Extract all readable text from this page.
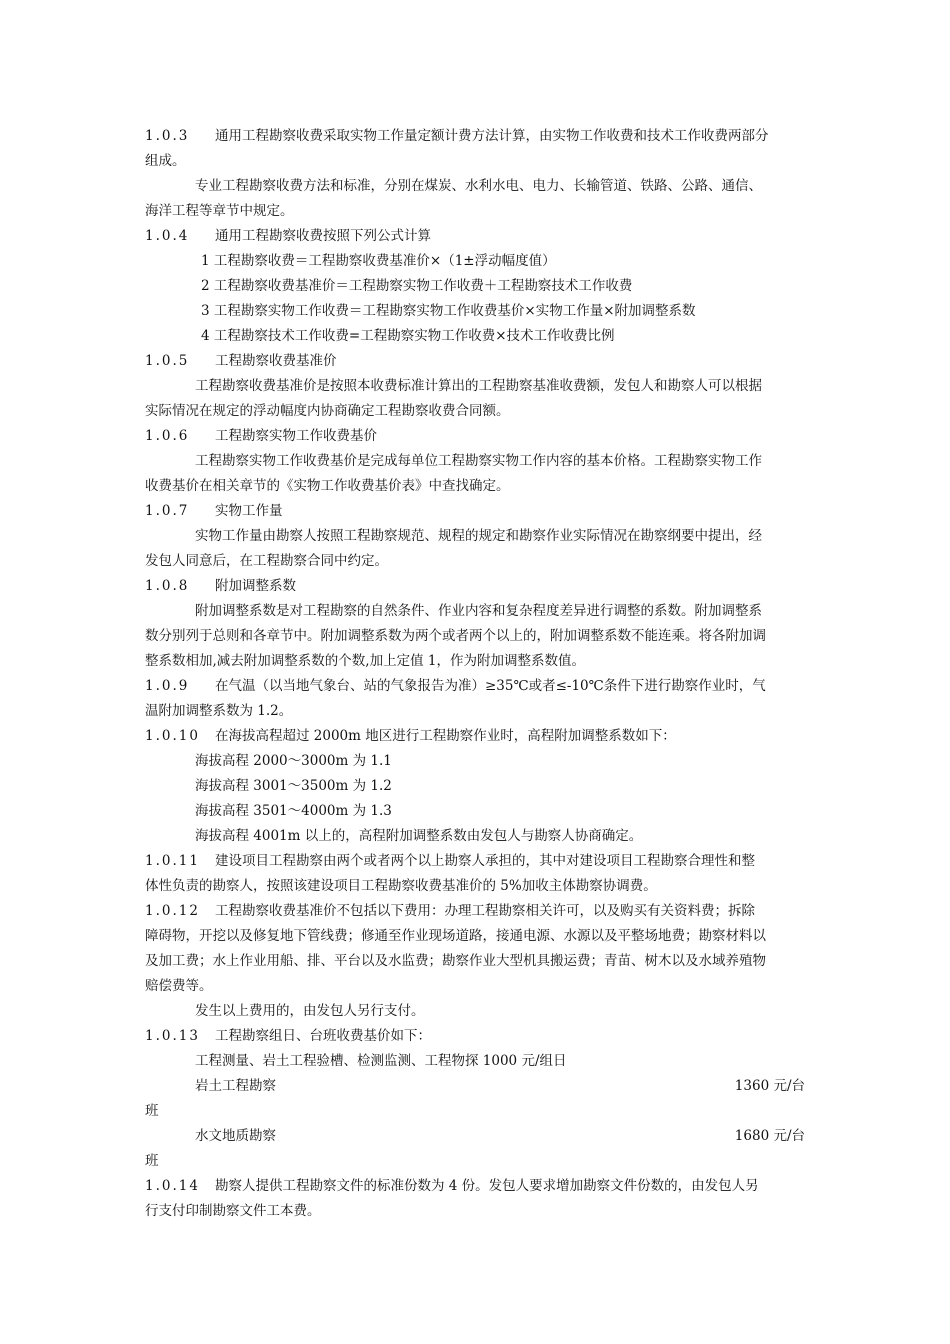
1.0.3 通用工程勘察收费采取实物工作量定额计费方法计算，由实物工作收费和技术工作收费两部分
组成。
专业工程勘察收费方法和标准，分别在煤炭、水利水电、电力、长输管道、铁路、公路、通信、
海洋工程等章节中规定。
1.0.4 通用工程勘察收费按照下列公式计算
1 工程勘察收费＝工程勘察收费基准价×（1±浮动幅度值）
2 工程勘察收费基准价＝工程勘察实物工作收费＋工程勘察技术工作收费
3 工程勘察实物工作收费＝工程勘察实物工作收费基价×实物工作量×附加调整系数
4 工程勘察技术工作收费=工程勘察实物工作收费×技术工作收费比例
1.0.5 工程勘察收费基准价
工程勘察收费基准价是按照本收费标准计算出的工程勘察基准收费额，发包人和勘察人可以根据
实际情况在规定的浮动幅度内协商确定工程勘察收费合同额。
1.0.6 工程勘察实物工作收费基价
工程勘察实物工作收费基价是完成每单位工程勘察实物工作内容的基本价格。工程勘察实物工作
收费基价在相关章节的《实物工作收费基价表》中查找确定。
1.0.7 实物工作量
实物工作量由勘察人按照工程勘察规范、规程的规定和勘察作业实际情况在勘察纲要中提出，经
发包人同意后，在工程勘察合同中约定。
1.0.8 附加调整系数
附加调整系数是对工程勘察的自然条件、作业内容和复杂程度差异进行调整的系数。附加调整系
数分别列于总则和各章节中。附加调整系数为两个或者两个以上的，附加调整系数不能连乘。将各附加调
整系数相加,减去附加调整系数的个数,加上定值 1，作为附加调整系数值。
1.0.9 在气温（以当地气象台、站的气象报告为准）≥35℃或者≤-10℃条件下进行勘察作业时，气
温附加调整系数为 1.2。
1.0.10 在海拔高程超过 2000m 地区进行工程勘察作业时，高程附加调整系数如下：
海拔高程 2000～3000m 为 1.1
海拔高程 3001～3500m 为 1.2
海拔高程 3501～4000m 为 1.3
海拔高程 4001m 以上的，高程附加调整系数由发包人与勘察人协商确定。
1.0.11 建设项目工程勘察由两个或者两个以上勘察人承担的，其中对建设项目工程勘察合理性和整
体性负责的勘察人，按照该建设项目工程勘察收费基准价的 5%加收主体勘察协调费。
1.0.12 工程勘察收费基准价不包括以下费用：办理工程勘察相关许可，以及购买有关资料费；拆除
障碍物，开挖以及修复地下管线费；修通至作业现场道路，接通电源、水源以及平整场地费；勘察材料以
及加工费；水上作业用船、排、平台以及水监费；勘察作业大型机具搬运费；青苗、树木以及水域养殖物
赔偿费等。
发生以上费用的，由发包人另行支付。
1.0.13 工程勘察组日、台班收费基价如下：
工程测量、岩土工程验槽、检测监测、工程物探 1000 元/组日
岩土工程勘察	1360 元/台
班
水文地质勘察	1680 元/台
班
1.0.14 勘察人提供工程勘察文件的标准份数为 4 份。发包人要求增加勘察文件份数的，由发包人另
行支付印制勘察文件工本费。
